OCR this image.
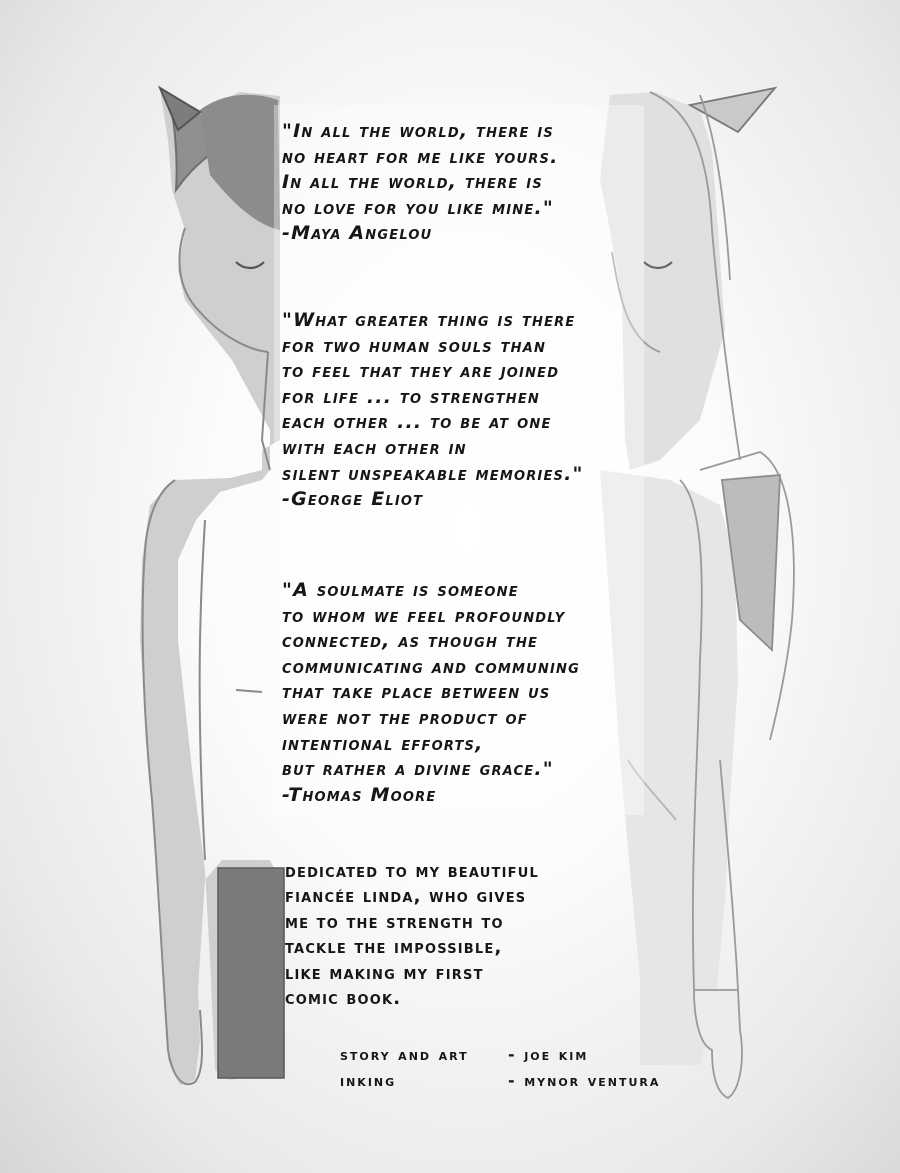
"In all the world, there is
no heart for me like yours.
In all the world, there is
no love for you like mine."
-Maya Angelou
"What greater thing is there
for two human souls than
to feel that they are joined
for life ... to strengthen
each other ... to be at one
with each other in
silent unspeakable memories."
-George Eliot
"A soulmate is someone
to whom we feel profoundly
connected, as though the
communicating and communing
that take place between us
were not the product of
intentional efforts,
but rather a divine grace."
-Thomas Moore
dedicated to my beautiful
fiancée linda, who gives
me to the strength to
tackle the impossible,
like making my first
comic book.
story and art - joe kim
inking	- mynor ventura
